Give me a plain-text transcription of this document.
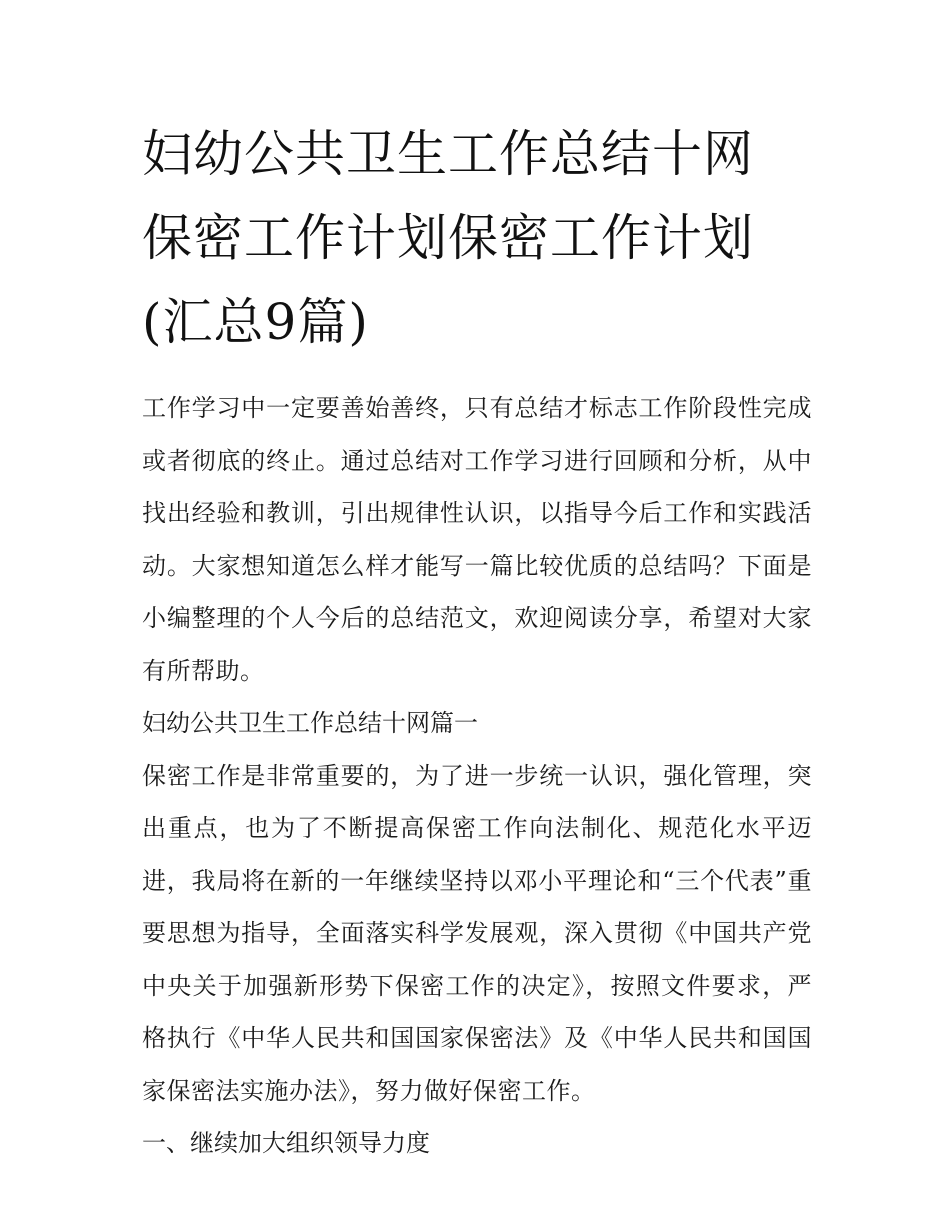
妇幼公共卫生工作总结十网 保密工作计划保密工作计划(汇总9篇)

工作学习中一定要善始善终，只有总结才标志工作阶段性完成或者彻底的终止。通过总结对工作学习进行回顾和分析，从中找出经验和教训，引出规律性认识，以指导今后工作和实践活动。大家想知道怎么样才能写一篇比较优质的总结吗？下面是小编整理的个人今后的总结范文，欢迎阅读分享，希望对大家有所帮助。

妇幼公共卫生工作总结十网篇一

保密工作是非常重要的，为了进一步统一认识，强化管理，突出重点，也为了不断提高保密工作向法制化、规范化水平迈进，我局将在新的一年继续坚持以邓小平理论和“三个代表”重要思想为指导，全面落实科学发展观，深入贯彻《中国共产党中央关于加强新形势下保密工作的决定》，按照文件要求，严格执行《中华人民共和国国家保密法》及《中华人民共和国国家保密法实施办法》，努力做好保密工作。

一、继续加大组织领导力度
